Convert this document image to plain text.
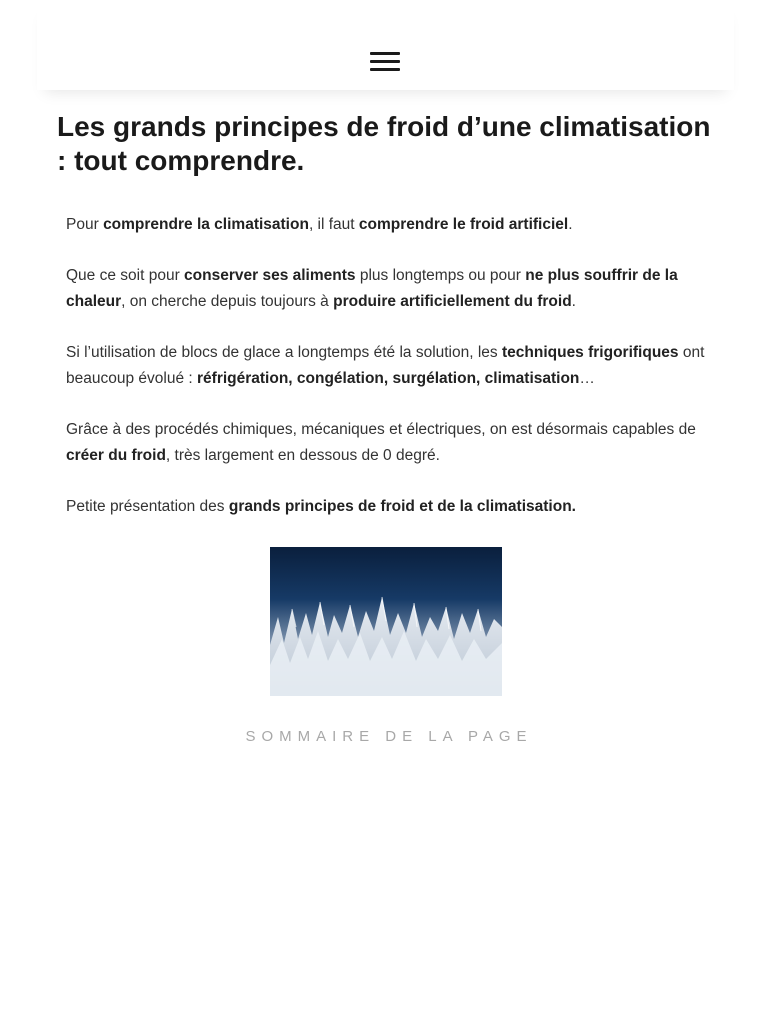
Les grands principes de froid d’une climatisation : tout comprendre.

Pour comprendre la climatisation, il faut comprendre le froid artificiel.

Que ce soit pour conserver ses aliments plus longtemps ou pour ne plus souffrir de la chaleur, on cherche depuis toujours à produire artificiellement du froid.

Si l’utilisation de blocs de glace a longtemps été la solution, les techniques frigorifiques ont beaucoup évolué : réfrigération, congélation, surgélation, climatisation…

Grâce à des procédés chimiques, mécaniques et électriques, on est désormais capables de créer du froid, très largement en dessous de 0 degré.

Petite présentation des grands principes de froid et de la climatisation.

SOMMAIRE DE LA PAGE
